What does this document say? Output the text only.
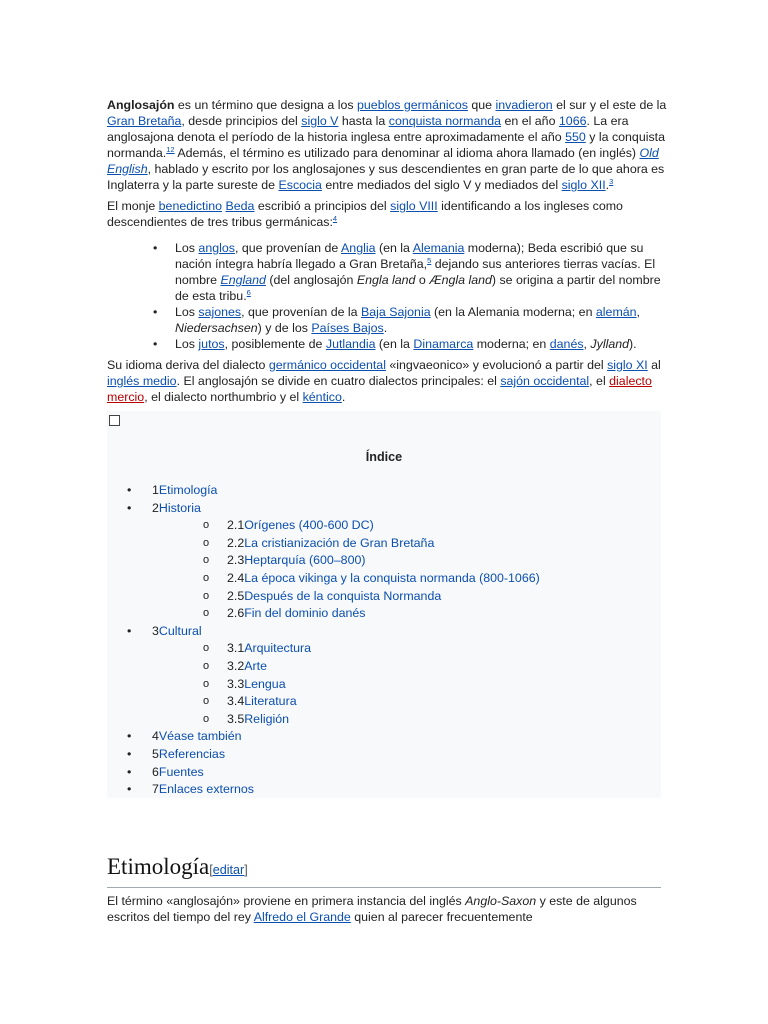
Anglosajón es un término que designa a los pueblos germánicos que invadieron el sur y el este de la Gran Bretaña, desde principios del siglo V hasta la conquista normanda en el año 1066. La era anglosajona denota el período de la historia inglesa entre aproximadamente el año 550 y la conquista normanda.$^{12}$ Además, el término es utilizado para denominar al idioma ahora llamado (en inglés) Old English, hablado y escrito por los anglosajones y sus descendientes en gran parte de lo que ahora es Inglaterra y la parte sureste de Escocia entre mediados del siglo V y mediados del siglo XII.$^3$

El monje benedictino Beda escribió a principios del siglo VIII identificando a los ingleses como descendientes de tres tribus germánicas:$^4$

• Los anglos, que provenían de Anglia (en la Alemania moderna); Beda escribió que su nación íntegra habría llegado a Gran Bretaña,$^5$ dejando sus anteriores tierras vacías. El nombre England (del anglosajón Engla land o Ængla land) se origina a partir del nombre de esta tribu.$^6$
• Los sajones, que provenían de la Baja Sajonia (en la Alemania moderna; en alemán, Niedersachsen) y de los Países Bajos.
• Los jutos, posiblemente de Jutlandia (en la Dinamarca moderna; en danés, Jylland).

Su idioma deriva del dialecto germánico occidental «ingvaeonico» y evolucionó a partir del siglo XI al inglés medio. El anglosajón se divide en cuatro dialectos principales: el sajón occidental, el dialecto mercio, el dialecto northumbrio y el kéntico.

Índice
• 1Etimología
• 2Historia
o 2.1Orígenes (400-600 DC)
o 2.2La cristianización de Gran Bretaña
o 2.3Heptarquía (600–800)
o 2.4La época vikinga y la conquista normanda (800-1066)
o 2.5Después de la conquista Normanda
o 2.6Fin del dominio danés
• 3Cultural
o 3.1Arquitectura
o 3.2Arte
o 3.3Lengua
o 3.4Literatura
o 3.5Religión
• 4Véase también
• 5Referencias
• 6Fuentes
• 7Enlaces externos
Etimología[editar]
El término «anglosajón» proviene en primera instancia del inglés Anglo-Saxon y este de algunos escritos del tiempo del rey Alfredo el Grande quien al parecer frecuentemente
